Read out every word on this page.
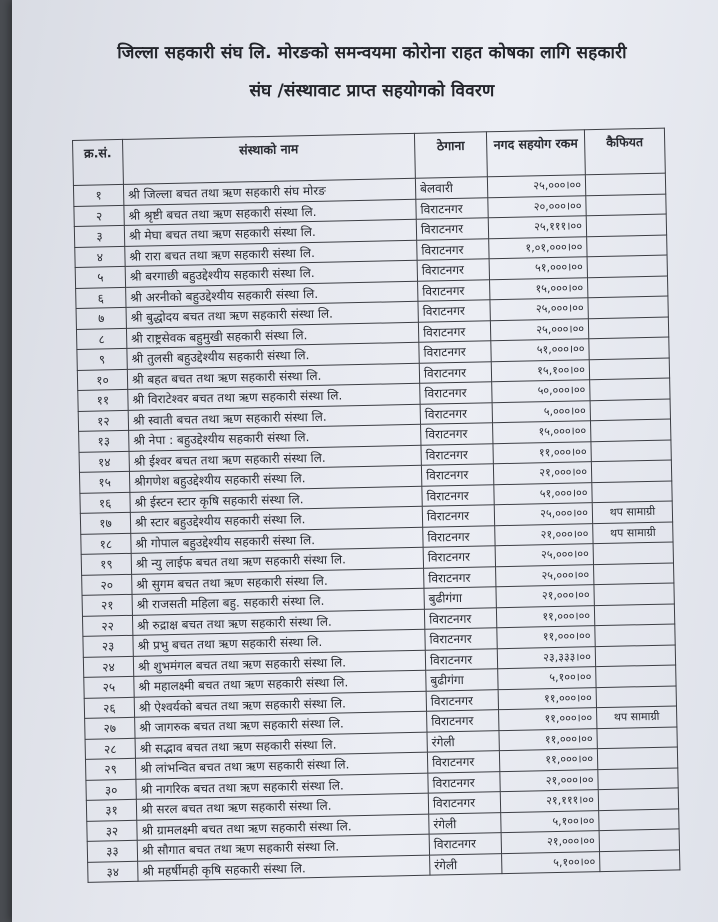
जिल्ला सहकारी संघ लि. मोरङको समन्वयमा कोरोना राहत कोषका लागि सहकारी
संघ /संस्थावाट प्राप्त सहयोगको विवरण
क्र.सं.	संस्थाको नाम	ठेगाना	नगद सहयोग रकम	कैफियत
१	श्री जिल्ला बचत तथा ऋण सहकारी संघ मोरङ	बेलवारी	२५,०००।००	
२	श्री श्रृष्टी बचत तथा ऋण सहकारी संस्था लि.	विराटनगर	२०,०००।००	
३	श्री मेघा बचत तथा ऋण सहकारी संस्था लि.	विराटनगर	२५,१११।००	
४	श्री रारा बचत तथा ऋण सहकारी संस्था लि.	विराटनगर	१,०१,०००।००	
५	श्री बरगाछी बहुउद्देश्यीय सहकारी संस्था लि.	विराटनगर	५१,०००।००	
६	श्री अरनीको बहुउद्देश्यीय सहकारी संस्था लि.	विराटनगर	१५,०००।००	
७	श्री बुद्धोदय बचत तथा ऋण सहकारी संस्था लि.	विराटनगर	२५,०००।००	
८	श्री राष्ट्रसेवक बहुमुखी सहकारी संस्था लि.	विराटनगर	२५,०००।००	
९	श्री तुलसी बहुउद्देश्यीय सहकारी संस्था लि.	विराटनगर	५१,०००।००	
१०	श्री बहत बचत तथा ऋण सहकारी संस्था लि.	विराटनगर	१५,१००।००	
११	श्री विराटेश्वर बचत तथा ऋण सहकारी संस्था लि.	विराटनगर	५०,०००।००	
१२	श्री स्वाती बचत तथा ऋण सहकारी संस्था लि.	विराटनगर	५,०००।००	
१३	श्री नेपा : बहुउद्देश्यीय सहकारी संस्था लि.	विराटनगर	१५,०००।००	
१४	श्री ईश्वर बचत तथा ऋण सहकारी संस्था लि.	विराटनगर	११,०००।००	
१५	श्रीगणेश बहुउद्देश्यीय सहकारी संस्था लि.	विराटनगर	२१,०००।००	
१६	श्री ईस्टन स्टार कृषि सहकारी संस्था लि.	विराटनगर	५१,०००।००	
१७	श्री स्टार बहुउद्देश्यीय सहकारी संस्था लि.	विराटनगर	२५,०००।००	थप सामाग्री
१८	श्री गोपाल बहुउद्देश्यीय सहकारी संस्था लि.	विराटनगर	२१,०००।००	थप सामाग्री
१९	श्री न्यु लाईफ बचत तथा ऋण सहकारी संस्था लि.	विराटनगर	२५,०००।००	
२०	श्री सुगम बचत तथा ऋण सहकारी संस्था लि.	विराटनगर	२५,०००।००	
२१	श्री राजसती महिला बहु. सहकारी संस्था लि.	बुढीगंगा	२१,०००।००	
२२	श्री रुद्राक्ष बचत तथा ऋण सहकारी संस्था लि.	विराटनगर	११,०००।००	
२३	श्री प्रभु बचत तथा ऋण सहकारी संस्था लि.	विराटनगर	११,०००।००	
२४	श्री शुभमंगल बचत तथा ऋण सहकारी संस्था लि.	विराटनगर	२३,३३३।००	
२५	श्री महालक्ष्मी बचत तथा ऋण सहकारी संस्था लि.	बुढीगंगा	५,१००।००	
२६	श्री ऐश्वर्यको बचत तथा ऋण सहकारी संस्था लि.	विराटनगर	११,०००।००	
२७	श्री जागरुक बचत तथा ऋण सहकारी संस्था लि.	विराटनगर	११,०००।००	थप सामाग्री
२८	श्री सद्भाव बचत तथा ऋण सहकारी संस्था लि.	रंगेली	११,०००।००	
२९	श्री लांभन्वित बचत तथा ऋण सहकारी संस्था लि.	विराटनगर	११,०००।००	
३०	श्री नागरिक बचत तथा ऋण सहकारी संस्था लि.	विराटनगर	२१,०००।००	
३१	श्री सरल बचत तथा ऋण सहकारी संस्था लि.	विराटनगर	२१,१११।००	
३२	श्री ग्रामलक्ष्मी बचत तथा ऋण सहकारी संस्था लि.	रंगेली	५,१००।००	
३३	श्री सौगात बचत तथा ऋण सहकारी संस्था लि.	विराटनगर	२१,०००।००	
३४	श्री महर्षीमही कृषि सहकारी संस्था लि.	रंगेली	५,१००।००	
